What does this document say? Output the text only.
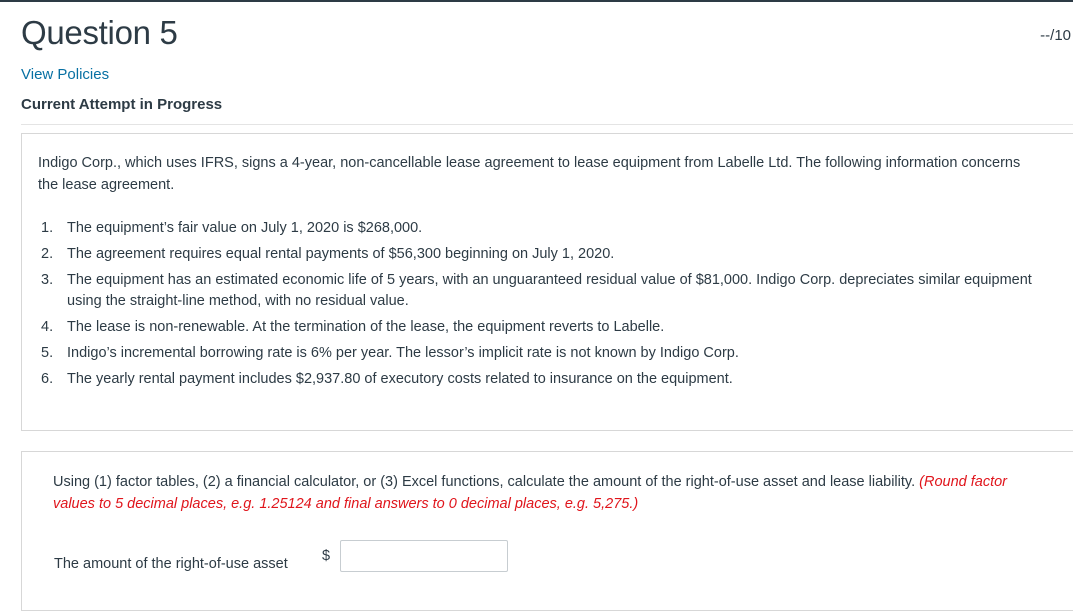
Question 5	--/10
View Policies
Current Attempt in Progress
Indigo Corp., which uses IFRS, signs a 4-year, non-cancellable lease agreement to lease equipment from Labelle Ltd. The following information concerns the lease agreement.
1. The equipment’s fair value on July 1, 2020 is $268,000.
2. The agreement requires equal rental payments of $56,300 beginning on July 1, 2020.
3. The equipment has an estimated economic life of 5 years, with an unguaranteed residual value of $81,000. Indigo Corp. depreciates similar equipment using the straight-line method, with no residual value.
4. The lease is non-renewable. At the termination of the lease, the equipment reverts to Labelle.
5. Indigo’s incremental borrowing rate is 6% per year. The lessor’s implicit rate is not known by Indigo Corp.
6. The yearly rental payment includes $2,937.80 of executory costs related to insurance on the equipment.
Using (1) factor tables, (2) a financial calculator, or (3) Excel functions, calculate the amount of the right-of-use asset and lease liability. (Round factor values to 5 decimal places, e.g. 1.25124 and final answers to 0 decimal places, e.g. 5,275.)
The amount of the right-of-use asset $
